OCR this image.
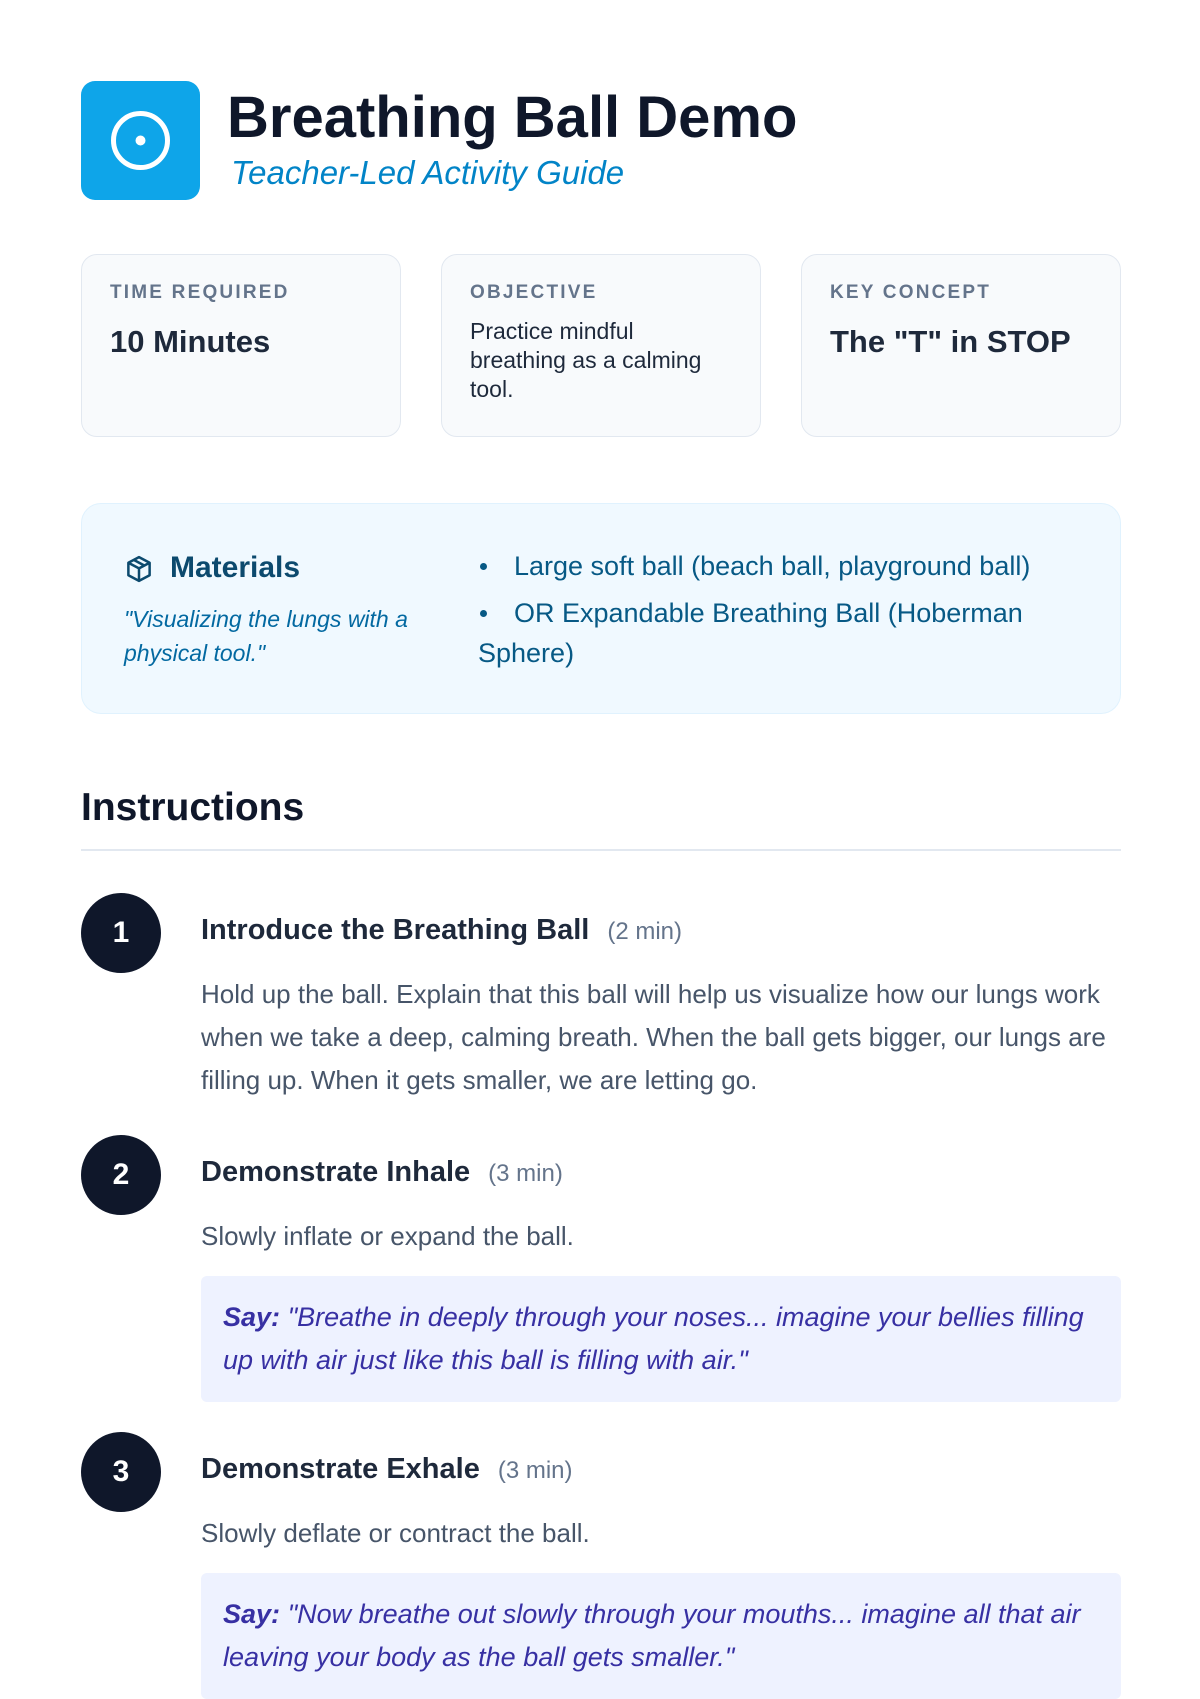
Breathing Ball Demo
Teacher-Led Activity Guide
TIME REQUIRED
10 Minutes
OBJECTIVE
Practice mindful breathing as a calming tool.
KEY CONCEPT
The "T" in STOP
Materials
"Visualizing the lungs with a physical tool."
Large soft ball (beach ball, playground ball)
OR Expandable Breathing Ball (Hoberman Sphere)
Instructions
1	Introduce the Breathing Ball (2 min)
Hold up the ball. Explain that this ball will help us visualize how our lungs work when we take a deep, calming breath. When the ball gets bigger, our lungs are filling up. When it gets smaller, we are letting go.
2	Demonstrate Inhale (3 min)
Slowly inflate or expand the ball.
Say: "Breathe in deeply through your noses... imagine your bellies filling up with air just like this ball is filling with air."
3	Demonstrate Exhale (3 min)
Slowly deflate or contract the ball.
Say: "Now breathe out slowly through your mouths... imagine all that air leaving your body as the ball gets smaller."
